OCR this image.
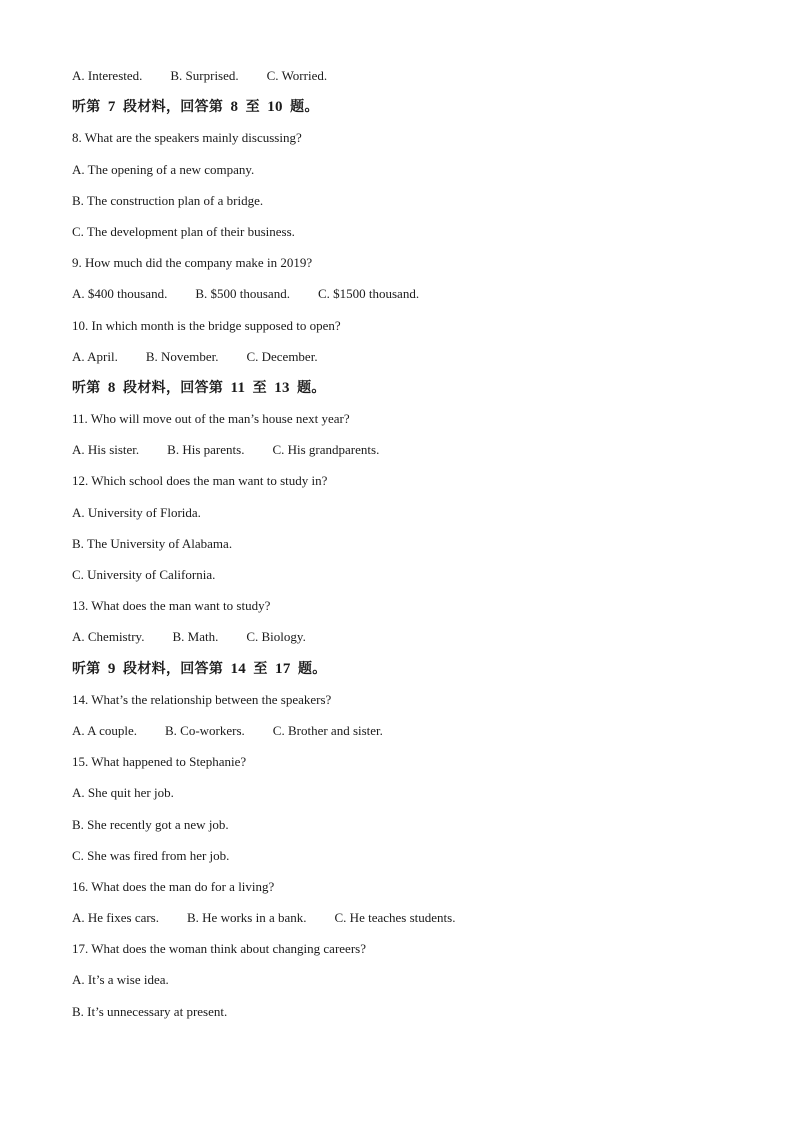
A. Interested. B. Surprised. C. Worried.
听第  7  段材料，回答第  8  至  10  题。
8. What are the speakers mainly discussing?
A. The opening of a new company.
B. The construction plan of a bridge.
C. The development plan of their business.
9. How much did the company make in 2019?
A. $400 thousand. B. $500 thousand. C. $1500 thousand.
10. In which month is the bridge supposed to open?
A. April. B. November. C. December.
听第  8  段材料，回答第  11  至  13  题。
11. Who will move out of the man’s house next year?
A. His sister. B. His parents. C. His grandparents.
12. Which school does the man want to study in?
A. University of Florida.
B. The University of Alabama.
C. University of California.
13. What does the man want to study?
A. Chemistry. B. Math. C. Biology.
听第  9  段材料，回答第  14  至  17  题。
14. What’s the relationship between the speakers?
A. A couple. B. Co-workers. C. Brother and sister.
15. What happened to Stephanie?
A. She quit her job.
B. She recently got a new job.
C. She was fired from her job.
16. What does the man do for a living?
A. He fixes cars. B. He works in a bank. C. He teaches students.
17. What does the woman think about changing careers?
A. It’s a wise idea.
B. It’s unnecessary at present.
